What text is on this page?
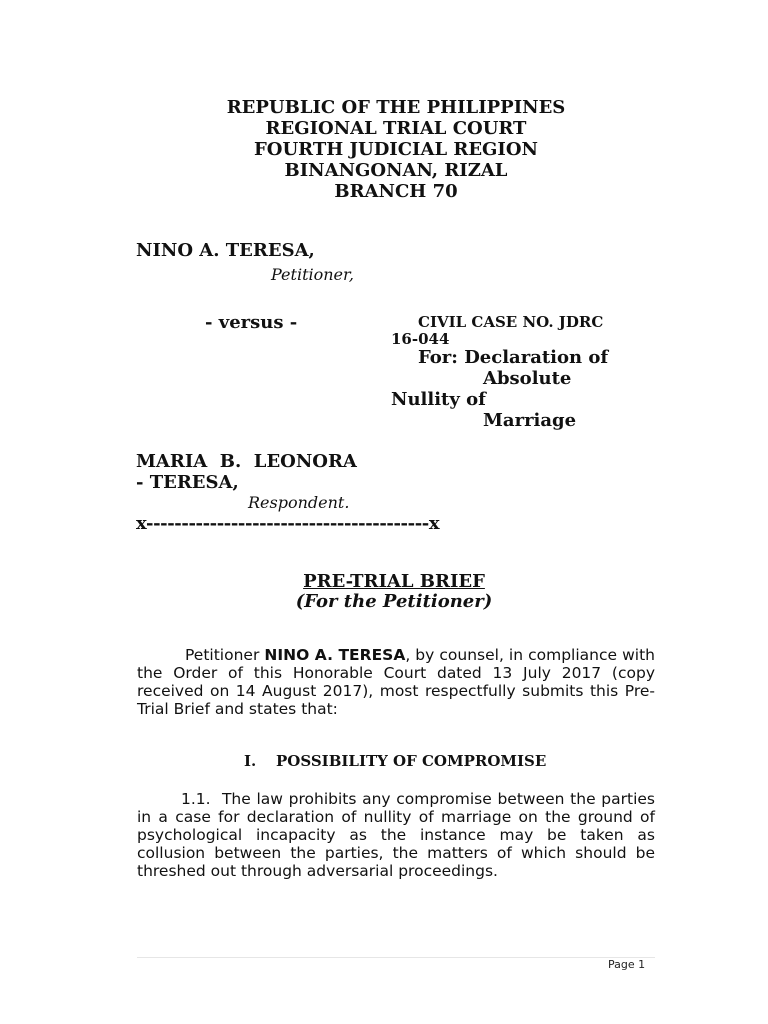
REPUBLIC OF THE PHILIPPINES
REGIONAL TRIAL COURT
FOURTH JUDICIAL REGION
BINANGONAN, RIZAL
BRANCH 70
NINO A. TERESA,
Petitioner,
- versus -	CIVIL CASE NO. JDRC
16-044
For: Declaration of
Absolute
Nullity of
Marriage
MARIA  B.  LEONORA
- TERESA,
Respondent.
x----------------------------------------x
PRE-TRIAL BRIEF
(For the Petitioner)
Petitioner NINO A. TERESA, by counsel, in compliance with the Order of this Honorable Court dated 13 July 2017 (copy received on 14 August 2017), most respectfully submits this Pre-Trial Brief and states that:
I. POSSIBILITY OF COMPROMISE
1.1. The law prohibits any compromise between the parties in a case for declaration of nullity of marriage on the ground of psychological incapacity as the instance may be taken as collusion between the parties, the matters of which should be threshed out through adversarial proceedings.
Page 1
